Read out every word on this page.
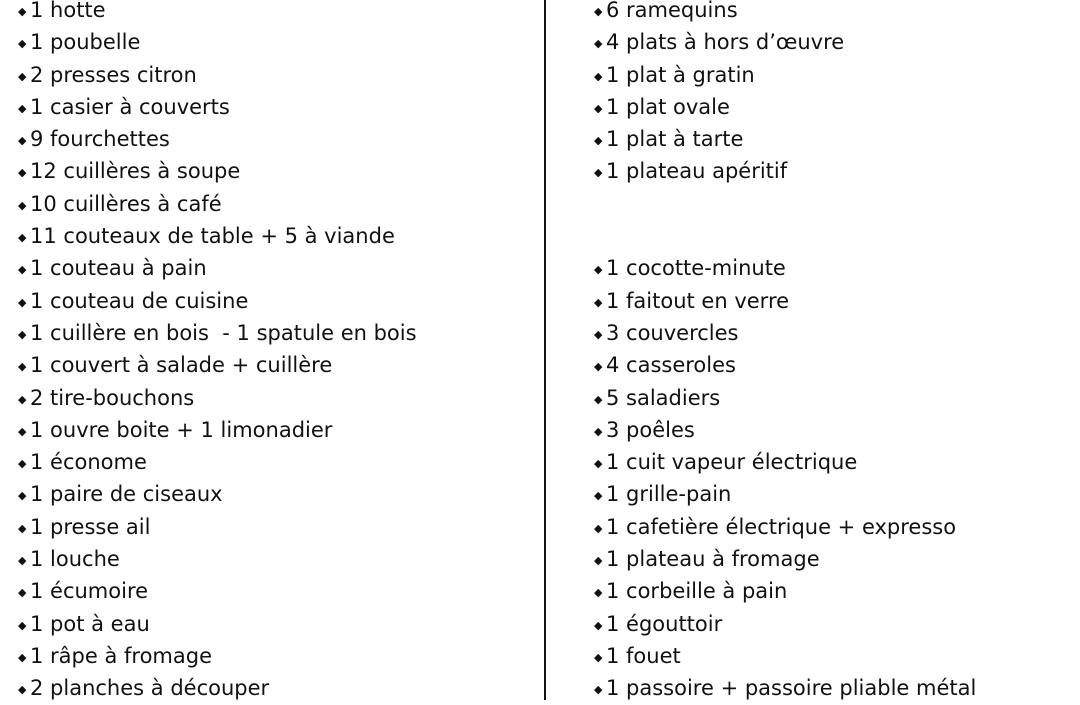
◆ 1 hotte
◆ 1 poubelle
◆ 2 presses citron
◆ 1 casier à couverts
◆ 9 fourchettes
◆ 12 cuillères à soupe
◆ 10 cuillères à café
◆ 11 couteaux de table + 5 à viande
◆ 1 couteau à pain
◆ 1 couteau de cuisine
◆ 1 cuillère en bois  - 1 spatule en bois
◆ 1 couvert à salade + cuillère
◆ 2 tire-bouchons
◆ 1 ouvre boite + 1 limonadier
◆ 1 économe
◆ 1 paire de ciseaux
◆ 1 presse ail
◆ 1 louche
◆ 1 écumoire
◆ 1 pot à eau
◆ 1 râpe à fromage
◆ 2 planches à découper
◆ 6 ramequins
◆ 4 plats à hors d’œuvre
◆ 1 plat à gratin
◆ 1 plat ovale
◆ 1 plat à tarte
◆ 1 plateau apéritif
◆ 1 cocotte-minute
◆ 1 faitout en verre
◆ 3 couvercles
◆ 4 casseroles
◆ 5 saladiers
◆ 3 poêles
◆ 1 cuit vapeur électrique
◆ 1 grille-pain
◆ 1 cafetière électrique + expresso
◆ 1 plateau à fromage
◆ 1 corbeille à pain
◆ 1 égouttoir
◆ 1 fouet
◆ 1 passoire + passoire pliable métal
